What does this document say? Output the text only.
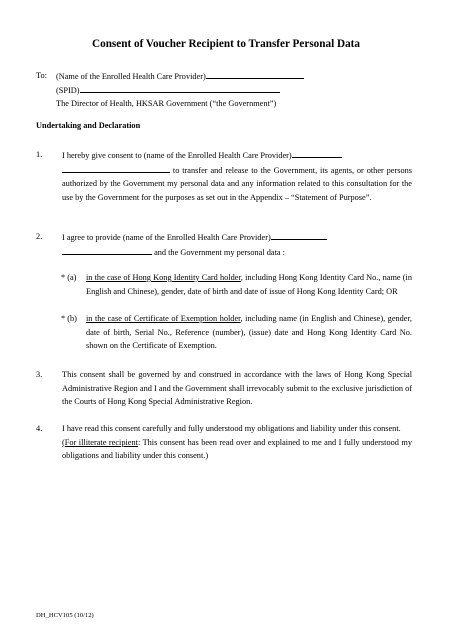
Consent of Voucher Recipient to Transfer Personal Data
To: (Name of the Enrolled Health Care Provider)
(SPID)
The Director of Health, HKSAR Government (“the Government”)
Undertaking and Declaration
1. I hereby give consent to (name of the Enrolled Health Care Provider)
to transfer and release to the Government, its agents, or other persons authorized by the Government my personal data and any information related to this consultation for the use by the Government for the purposes as set out in the Appendix – “Statement of Purpose”.
2. I agree to provide (name of the Enrolled Health Care Provider)
and the Government my personal data :
* (a) in the case of Hong Kong Identity Card holder, including Hong Kong Identity Card No., name (in English and Chinese), gender, date of birth and date of issue of Hong Kong Identity Card; OR
* (b) in the case of Certificate of Exemption holder, including name (in English and Chinese), gender, date of birth, Serial No., Reference (number), (issue) date and Hong Kong Identity Card No. shown on the Certificate of Exemption.
3. This consent shall be governed by and construed in accordance with the laws of Hong Kong Special Administrative Region and I and the Government shall irrevocably submit to the exclusive jurisdiction of the Courts of Hong Kong Special Administrative Region.
4. I have read this consent carefully and fully understood my obligations and liability under this consent.
(For illiterate recipient: This consent has been read over and explained to me and I fully understood my obligations and liability under this consent.)
DH_HCV105 (10/12)
